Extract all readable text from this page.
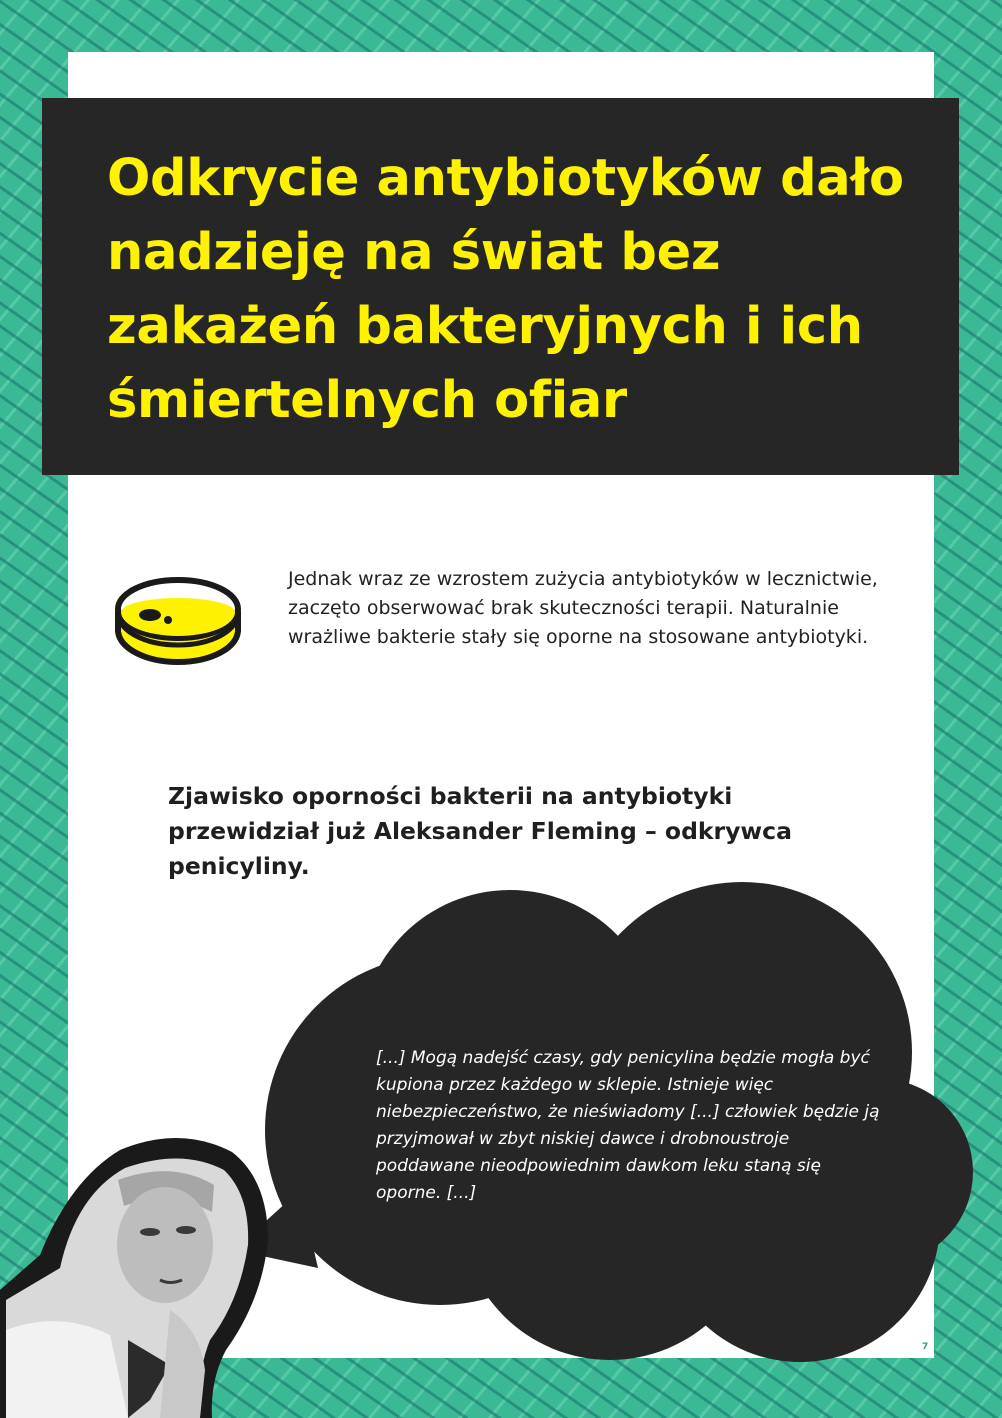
Odkrycie antybiotyków dało nadzieję na świat bez zakażeń bakteryjnych i ich śmiertelnych ofiar

Jednak wraz ze wzrostem zużycia antybiotyków w lecznictwie, zaczęto obserwować brak skuteczności terapii. Naturalnie wrażliwe bakterie stały się oporne na stosowane antybiotyki.

Zjawisko oporności bakterii na antybiotyki przewidział już Aleksander Fleming – odkrywca penicyliny.

[...] Mogą nadejść czasy, gdy penicylina będzie mogła być kupiona przez każdego w sklepie. Istnieje więc niebezpieczeństwo, że nieświadomy [...] człowiek będzie ją przyjmował w zbyt niskiej dawce i drobnoustroje poddawane nieodpowiednim dawkom leku staną się oporne. [...]

7
